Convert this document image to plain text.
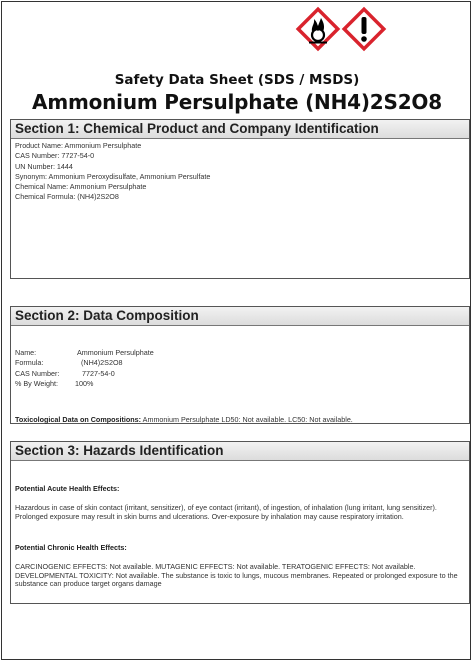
Safety Data Sheet (SDS / MSDS)
Ammonium Persulphate (NH4)2S2O8
Section 1: Chemical Product and Company Identification
Product Name: Ammonium Persulphate
CAS Number: 7727-54-0
UN Number: 1444
Synonym: Ammonium Peroxydisulfate, Ammonium Persulfate
Chemical Name: Ammonium Persulphate
Chemical Formula: (NH4)2S2O8
Section 2: Data Composition
Name:	Ammonium Persulphate
Formula:	(NH4)2S2O8
CAS Number:	7727-54-0
% By Weight: 100%
Toxicological Data on Compositions: Ammonium Persulphate LD50: Not available. LC50: Not available.
Section 3: Hazards Identification
Potential Acute Health Effects:
Hazardous in case of skin contact (irritant, sensitizer), of eye contact (irritant), of ingestion, of inhalation (lung irritant, lung sensitizer). Prolonged exposure may result in skin burns and ulcerations. Over-exposure by inhalation may cause respiratory irritation.
Potential Chronic Health Effects:
CARCINOGENIC EFFECTS: Not available. MUTAGENIC EFFECTS: Not available. TERATOGENIC EFFECTS: Not available. DEVELOPMENTAL TOXICITY: Not available. The substance is toxic to lungs, mucous membranes. Repeated or prolonged exposure to the substance can produce target organs damage
